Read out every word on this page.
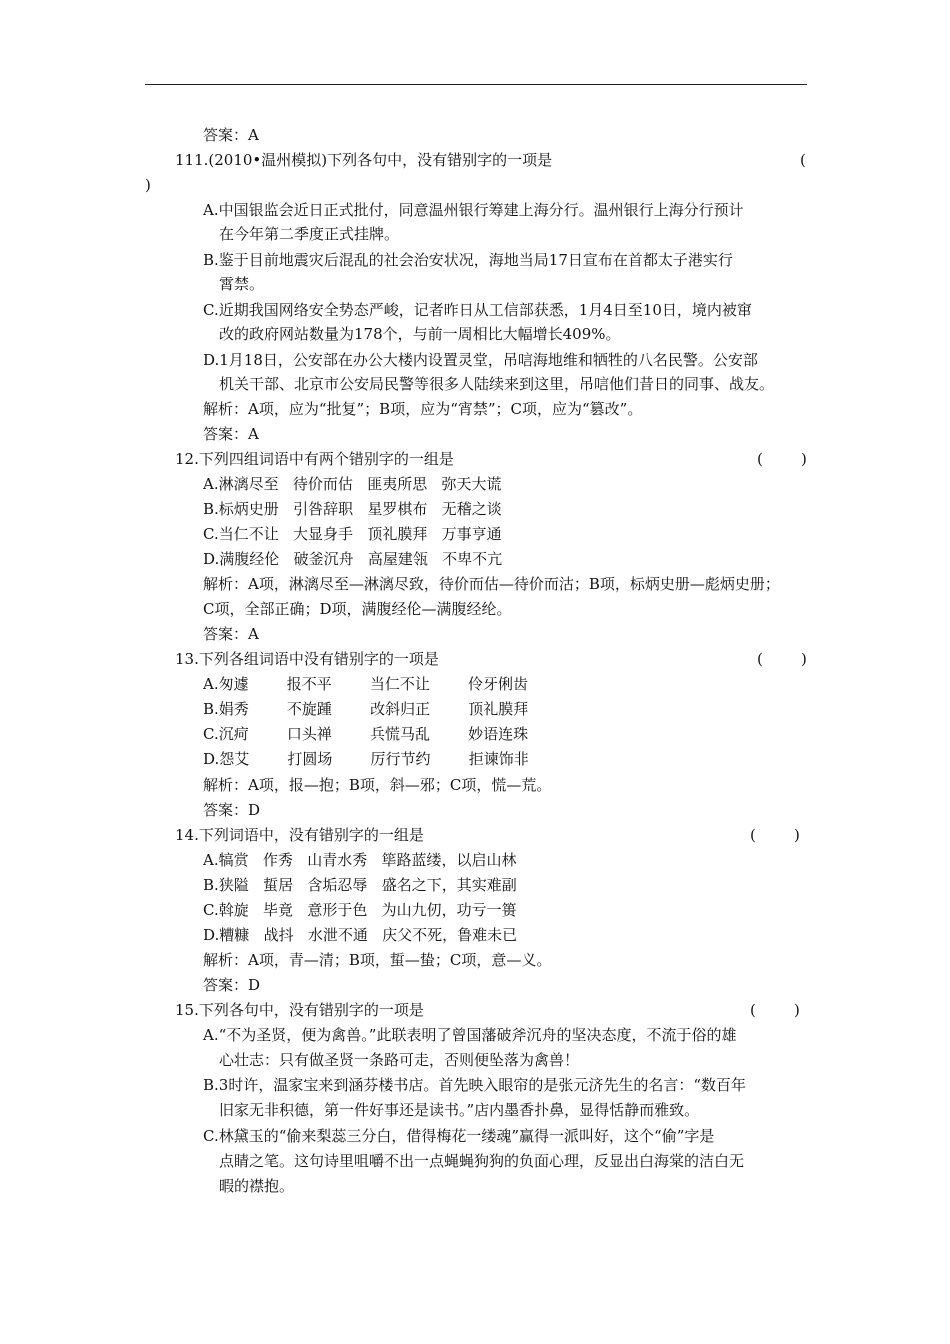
答案：A
111.(2010•温州模拟)下列各句中，没有错别字的一项是	(
)
A.中国银监会近日正式批付，同意温州银行筹建上海分行。温州银行上海分行预计
在今年第二季度正式挂牌。
B.鉴于目前地震灾后混乱的社会治安状况，海地当局17日宣布在首都太子港实行
霄禁。
C.近期我国网络安全势态严峻，记者昨日从工信部获悉，1月4日至10日，境内被窜
改的政府网站数量为178个，与前一周相比大幅增长409%。
D.1月18日，公安部在办公大楼内设置灵堂，吊唁海地维和牺牲的八名民警。公安部
机关干部、北京市公安局民警等很多人陆续来到这里，吊唁他们昔日的同事、战友。
解析：A项，应为“批复”；B项，应为“宵禁”；C项，应为“篡改”。
答案：A
12.下列四组词语中有两个错别字的一组是	(        )
A.淋漓尽至   待价而估   匪夷所思   弥天大谎
B.标炳史册   引咎辞职   星罗棋布   无稽之谈
C.当仁不让   大显身手   顶礼膜拜   万事亨通
D.满腹经伦   破釜沉舟   高屋建瓴   不卑不亢
解析：A项，淋漓尽至—淋漓尽致，待价而估—待价而沽；B项，标炳史册—彪炳史册；
C项，全部正确；D项，满腹经伦—满腹经纶。
答案：A
13.下列各组词语中没有错别字的一项是	(        )
A.匆遽        报不平        当仁不让        伶牙俐齿
B.娟秀        不旋踵        改斜归正        顶礼膜拜
C.沉疴        口头禅        兵慌马乱        妙语连珠
D.怨艾        打圆场        厉行节约        拒谏饰非
解析：A项，报—抱；B项，斜—邪；C项，慌—荒。
答案：D
14.下列词语中，没有错别字的一组是	(        )
A.犒赏   作秀   山青水秀   筚路蓝缕，以启山林
B.狭隘   蜇居   含垢忍辱   盛名之下，其实难副
C.斡旋   毕竟   意形于色   为山九仞，功亏一篑
D.糟糠   战抖   水泄不通   庆父不死，鲁难未已
解析：A项，青—清；B项，蜇—蛰；C项，意—义。
答案：D
15.下列各句中，没有错别字的一项是	(        )
A.“不为圣贤，便为禽兽。”此联表明了曾国藩破斧沉舟的坚决态度，不流于俗的雄
心壮志：只有做圣贤一条路可走，否则便坠落为禽兽！
B.3时许，温家宝来到涵芬楼书店。首先映入眼帘的是张元济先生的名言：“数百年
旧家无非积德，第一件好事还是读书。”店内墨香扑鼻，显得恬静而雅致。
C.林黛玉的“偷来梨蕊三分白，借得梅花一缕魂”赢得一派叫好，这个“偷”字是
点睛之笔。这句诗里咀嚼不出一点蝇蝇狗狗的负面心理，反显出白海棠的洁白无
暇的襟抱。
